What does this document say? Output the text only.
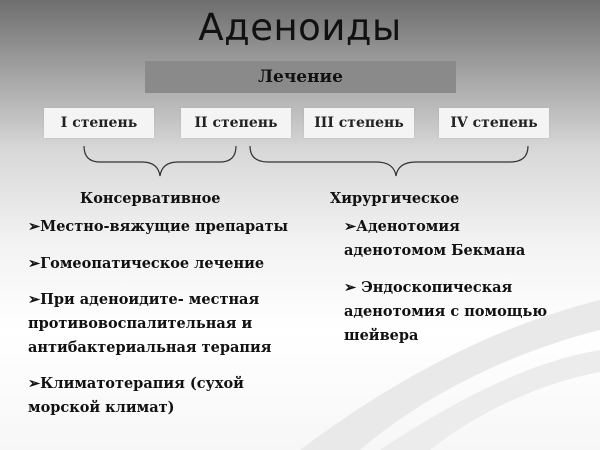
Аденоиды
Лечение
I степень	II степень	III степень	IV степень
Консервативное	Хирургическое
➢Местно-вяжущие препараты
➢Гомеопатическое лечение
➢При аденоидите- местная
противовоспалительная и
антибактериальная терапия
➢Климатотерапия (сухой
морской климат)
➢Аденотомия
аденотомом Бекмана
➢ Эндоскопическая
аденотомия с помощью
шейвера
